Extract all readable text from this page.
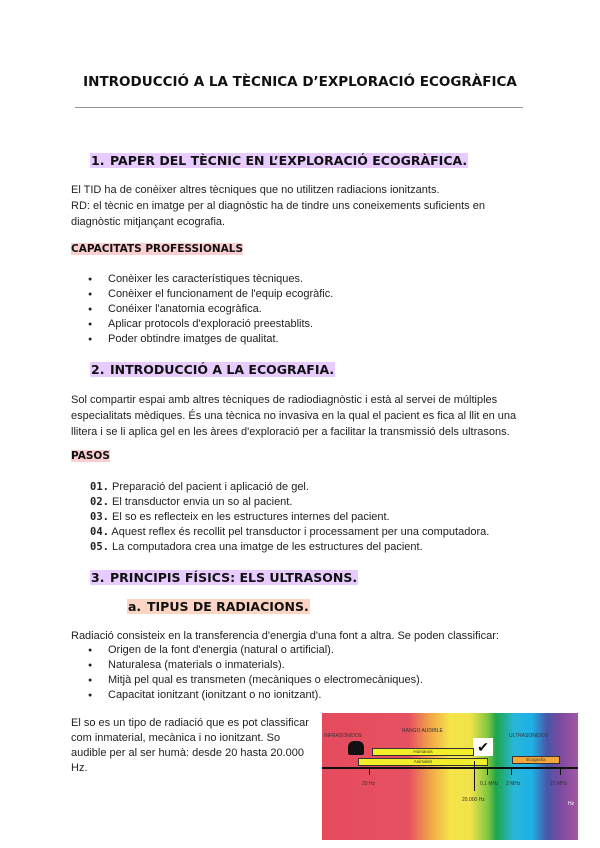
INTRODUCCIÓ A LA TÈCNICA D’EXPLORACIÓ ECOGRÀFICA
1. PAPER DEL TÈCNIC EN L’EXPLORACIÓ ECOGRÀFICA.
El TID ha de conèixer altres tècniques que no utilitzen radiacions ionitzants.
RD: el tècnic en imatge per al diagnòstic ha de tindre uns coneixements suficients en diagnòstic mitjançant ecografia.
CAPACITATS PROFESSIONALS
● Conèixer les característiques tècniques.
● Conèixer el funcionament de l'equip ecogràfic.
● Conéixer l'anatomia ecogràfica.
● Aplicar protocols d'exploració preestablits.
● Poder obtindre imatges de qualitat.
2. INTRODUCCIÓ A LA ECOGRAFIA.
Sol compartir espai amb altres tècniques de radiodiagnòstic i està al servei de múltiples especialitats mèdiques. És una tècnica no invasiva en la qual el pacient es fica al llit en una llitera i se li aplica gel en les àrees d'exploració per a facilitar la transmissió dels ultrasons.
PASOS
01. Preparació del pacient i aplicació de gel.
02. El transductor envia un so al pacient.
03. El so es reflecteix en les estructures internes del pacient.
04. Aquest reflex és recollit pel transductor i processament per una computadora.
05. La computadora crea una imatge de les estructures del pacient.
3. PRINCIPIS FÍSICS: ELS ULTRASONS.
a. TIPUS DE RADIACIONS.
Radiació consisteix en la transferencia d'energia d'una font a altra. Se poden classificar:
● Origen de la font d'energia (natural o artificial).
● Naturalesa (materials o inmaterials).
● Mitjà pel qual es transmeten (mecàniques o electromecàniques).
● Capacitat ionitzant (ionitzant o no ionitzant).
El so es un tipo de radiació que es pot classificar com inmaterial, mecànica i no ionitzant. So audible per al ser humà: desde 20 hasta 20.000 Hz.
INFRASONIDOS
RANGO AUDIBLE
ULTRASONIDOS
✔
Humanos
Animales	Ecografía
20 Hz
20.000 Hz
0,1 MHz 2 MHz	15 MHz
Hz
